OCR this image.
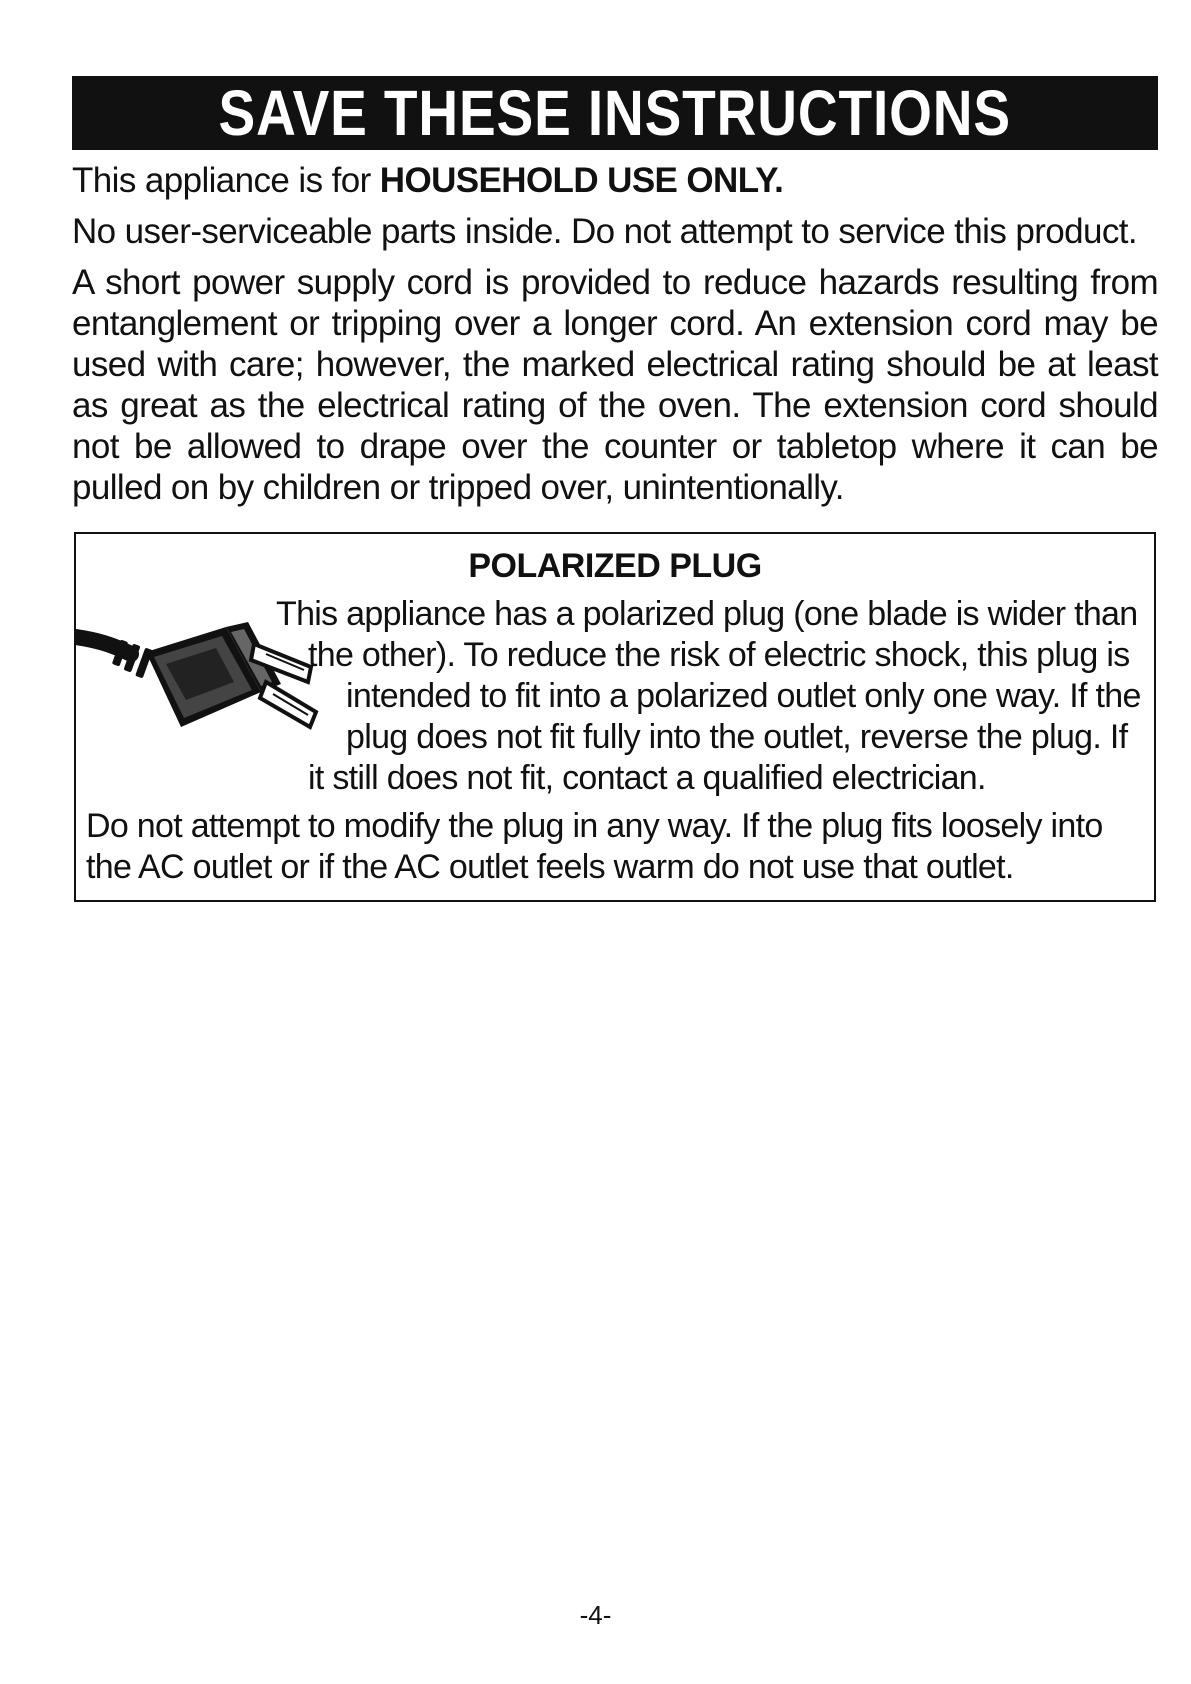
SAVE THESE INSTRUCTIONS

This appliance is for HOUSEHOLD USE ONLY.

No user-serviceable parts inside. Do not attempt to service this product.

A short power supply cord is provided to reduce hazards resulting from entanglement or tripping over a longer cord. An extension cord may be used with care; however, the marked electrical rating should be at least as great as the electrical rating of the oven. The extension cord should not be allowed to drape over the counter or tabletop where it can be pulled on by children or tripped over, unintentionally.

POLARIZED PLUG
This appliance has a polarized plug (one blade is wider than
the other). To reduce the risk of electric shock, this plug is
intended to fit into a polarized outlet only one way. If the
plug does not fit fully into the outlet, reverse the plug. If
it still does not fit, contact a qualified electrician.
Do not attempt to modify the plug in any way. If the plug fits loosely into
the AC outlet or if the AC outlet feels warm do not use that outlet.
-4-
